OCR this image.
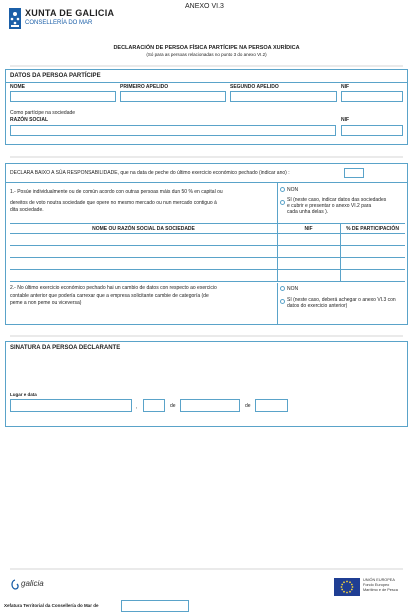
XUNTA DE GALICIA
CONSELLERÍA DO MAR
ANEXO VI.3
DECLARACIÓN DE PERSOA FÍSICA PARTÍCIPE NA PERSOA XURÍDICA
(Só para as persoas relacionadas no punto 3 do anexo VI.2)
DATOS DA PERSOA PARTÍCIPE
NOME	PRIMEIRO APELIDO	SEGUNDO APELIDO	NIF
Como partícipe na sociedade
RAZÓN SOCIAL	NIF
DECLARA BAIXO A SÚA RESPONSABILIDADE, que na data de peche do último exercicio económico pechado (indicar ano) :
1.- Posúe individualmente ou de común acordo con outras persoas máis dun 50 % en capital ou
dereitos de voto noutra sociedade que opere no mesmo mercado ou nun mercado contiguo á
dita sociedade.
NON
SI (neste caso, indicar datos das sociedades
e cubrir e presentar o anexo VI.2 para
cada unha delas ).
NOME OU RAZÓN SOCIAL DA SOCIEDADE	NIF	% DE PARTICIPACIÓN
2.- No último exercicio económico pechado hai un cambio de datos con respecto ao exercicio
contable anterior que podería carrexar que a empresa solicitante cambie de categoría (de
peme a non peme ou viceversa)
NON
SI (neste caso, deberá achegar o anexo VI.3 con
datos do exercicio anterior)
SINATURA DA PERSOA DECLARANTE
Lugar e data
,	de	de
galicia	UNIÓN EUROPEA
Fondo Europeo
Marítimo e de Pesca
Xefatura Territorial da Consellería do Mar de
